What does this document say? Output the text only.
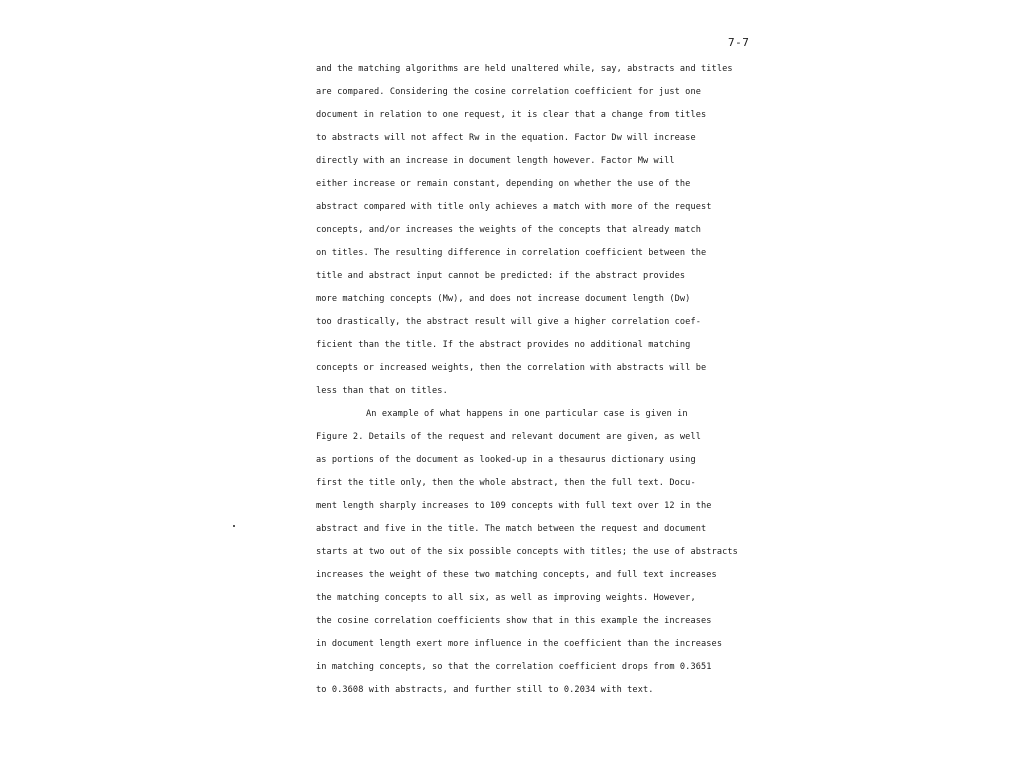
7-7
and the matching algorithms are held unaltered while, say, abstracts and titles
are compared. Considering the cosine correlation coefficient for just one
document in relation to one request, it is clear that a change from titles
to abstracts will not affect Rw in the equation. Factor Dw will increase
directly with an increase in document length however. Factor Mw will
either increase or remain constant, depending on whether the use of the
abstract compared with title only achieves a match with more of the request
concepts, and/or increases the weights of the concepts that already match
on titles. The resulting difference in correlation coefficient between the
title and abstract input cannot be predicted: if the abstract provides
more matching concepts (Mw), and does not increase document length (Dw)
too drastically, the abstract result will give a higher correlation coef-
ficient than the title. If the abstract provides no additional matching
concepts or increased weights, then the correlation with abstracts will be
less than that on titles.
An example of what happens in one particular case is given in
Figure 2. Details of the request and relevant document are given, as well
as portions of the document as looked-up in a thesaurus dictionary using
first the title only, then the whole abstract, then the full text. Docu-
ment length sharply increases to 109 concepts with full text over 12 in the
abstract and five in the title. The match between the request and document
starts at two out of the six possible concepts with titles; the use of abstracts
increases the weight of these two matching concepts, and full text increases
the matching concepts to all six, as well as improving weights. However,
the cosine correlation coefficients show that in this example the increases
in document length exert more influence in the coefficient than the increases
in matching concepts, so that the correlation coefficient drops from 0.3651
to 0.3608 with abstracts, and further still to 0.2034 with text.
